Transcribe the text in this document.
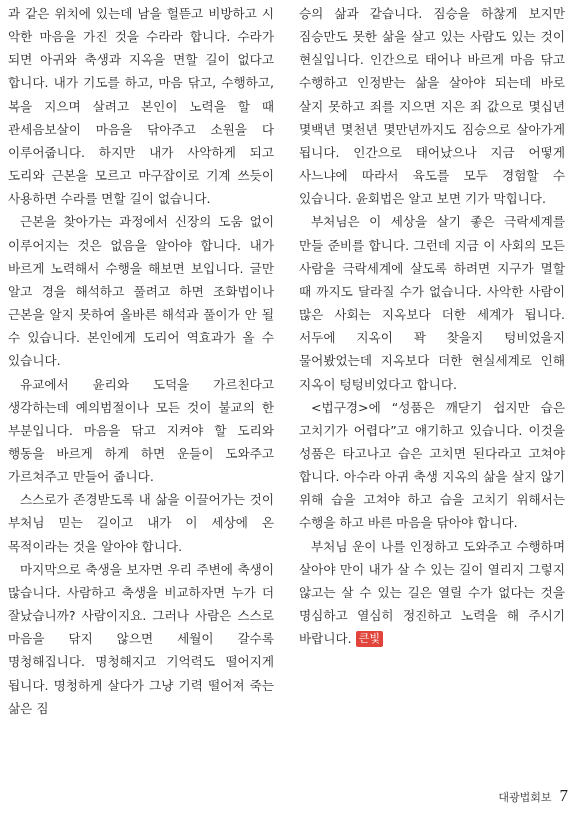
과 같은 위치에 있는데 남을 헐뜯고 비방하고 시 악한 마음을 가진 것을 수라라 합니다. 수라가 되면 아귀와 축생과 지옥을 면할 길이 없다고 합니다. 내가 기도를 하고, 마음 닦고, 수행하고, 복을 지으며 살려고 본인이 노력을 할 때 관세음보살이 마음을 닦아주고 소원을 다 이루어줍니다. 하지만 내가 사악하게 되고 도리와 근본을 모르고 마구잡이로 기계 쓰듯이 사용하면 수라를 면할 길이 없습니다.

근본을 찾아가는 과정에서 신장의 도움 없이 이루어지는 것은 없음을 알아야 합니다. 내가 바르게 노력해서 수행을 해보면 보입니다. 글만 알고 경을 해석하고 풀려고 하면 조화법이나 근본을 알지 못하여 올바른 해석과 풀이가 안 될 수 있습니다. 본인에게 도리어 역효과가 올 수 있습니다.

유교에서 윤리와 도덕을 가르친다고 생각하는데 예의범절이나 모든 것이 불교의 한 부분입니다. 마음을 닦고 지켜야 할 도리와 행동을 바르게 하게 하면 운들이 도와주고 가르쳐주고 만들어 줍니다.

스스로가 존경받도록 내 삶을 이끌어가는 것이 부처님 믿는 길이고 내가 이 세상에 온 목적이라는 것을 알아야 합니다.

마지막으로 축생을 보자면 우리 주변에 축생이 많습니다. 사람하고 축생을 비교하자면 누가 더 잘났습니까? 사람이지요. 그러나 사람은 스스로 마음을 닦지 않으면 세월이 갈수록 명청해집니다. 명청해지고 기억력도 떨어지게 됩니다. 명청하게 살다가 그냥 기력 떨어져 죽는 삶은 짐

승의 삶과 같습니다. 짐승을 하찮게 보지만 짐승만도 못한 삶을 살고 있는 사람도 있는 것이 현실입니다. 인간으로 태어나 바르게 마음 닦고 수행하고 인정받는 삶을 살아야 되는데 바로 살지 못하고 죄를 지으면 지은 죄 값으로 몇십년 몇백년 몇천년 몇만년까지도 짐승으로 살아가게 됩니다. 인간으로 태어났으나 지금 어떻게 사느냐에 따라서 육도를 모두 경험할 수 있습니다. 윤회법은 알고 보면 기가 막힙니다.

부처님은 이 세상을 살기 좋은 극락세계를 만들 준비를 합니다. 그런데 지금 이 사회의 모든 사람을 극락세계에 살도록 하려면 지구가 멸할 때 까지도 달라질 수가 없습니다. 사악한 사람이 많은 사회는 지옥보다 더한 세계가 됩니다. 서두에 지옥이 꽉 찾을지 텅비었을지 물어봤었는데 지옥보다 더한 현실세계로 인해 지옥이 텅텅비었다고 합니다.

<법구경>에 “성품은 깨닫기 쉽지만 습은 고치기가 어렵다”고 얘기하고 있습니다. 이것을 성품은 타고나고 습은 고치면 된다라고 고쳐야 합니다. 아수라 아귀 축생 지옥의 삶을 살지 않기 위해 습을 고쳐야 하고 습을 고치기 위해서는 수행을 하고 바른 마음을 닦아야 합니다.

부처님 운이 나를 인정하고 도와주고 수행하며 살아야 만이 내가 살 수 있는 길이 열리지 그렇지 않고는 살 수 있는 길은 열릴 수가 없다는 것을 명심하고 열심히 정진하고 노력을 해 주시기 바랍니다. 큰빛

대광법회보 7
